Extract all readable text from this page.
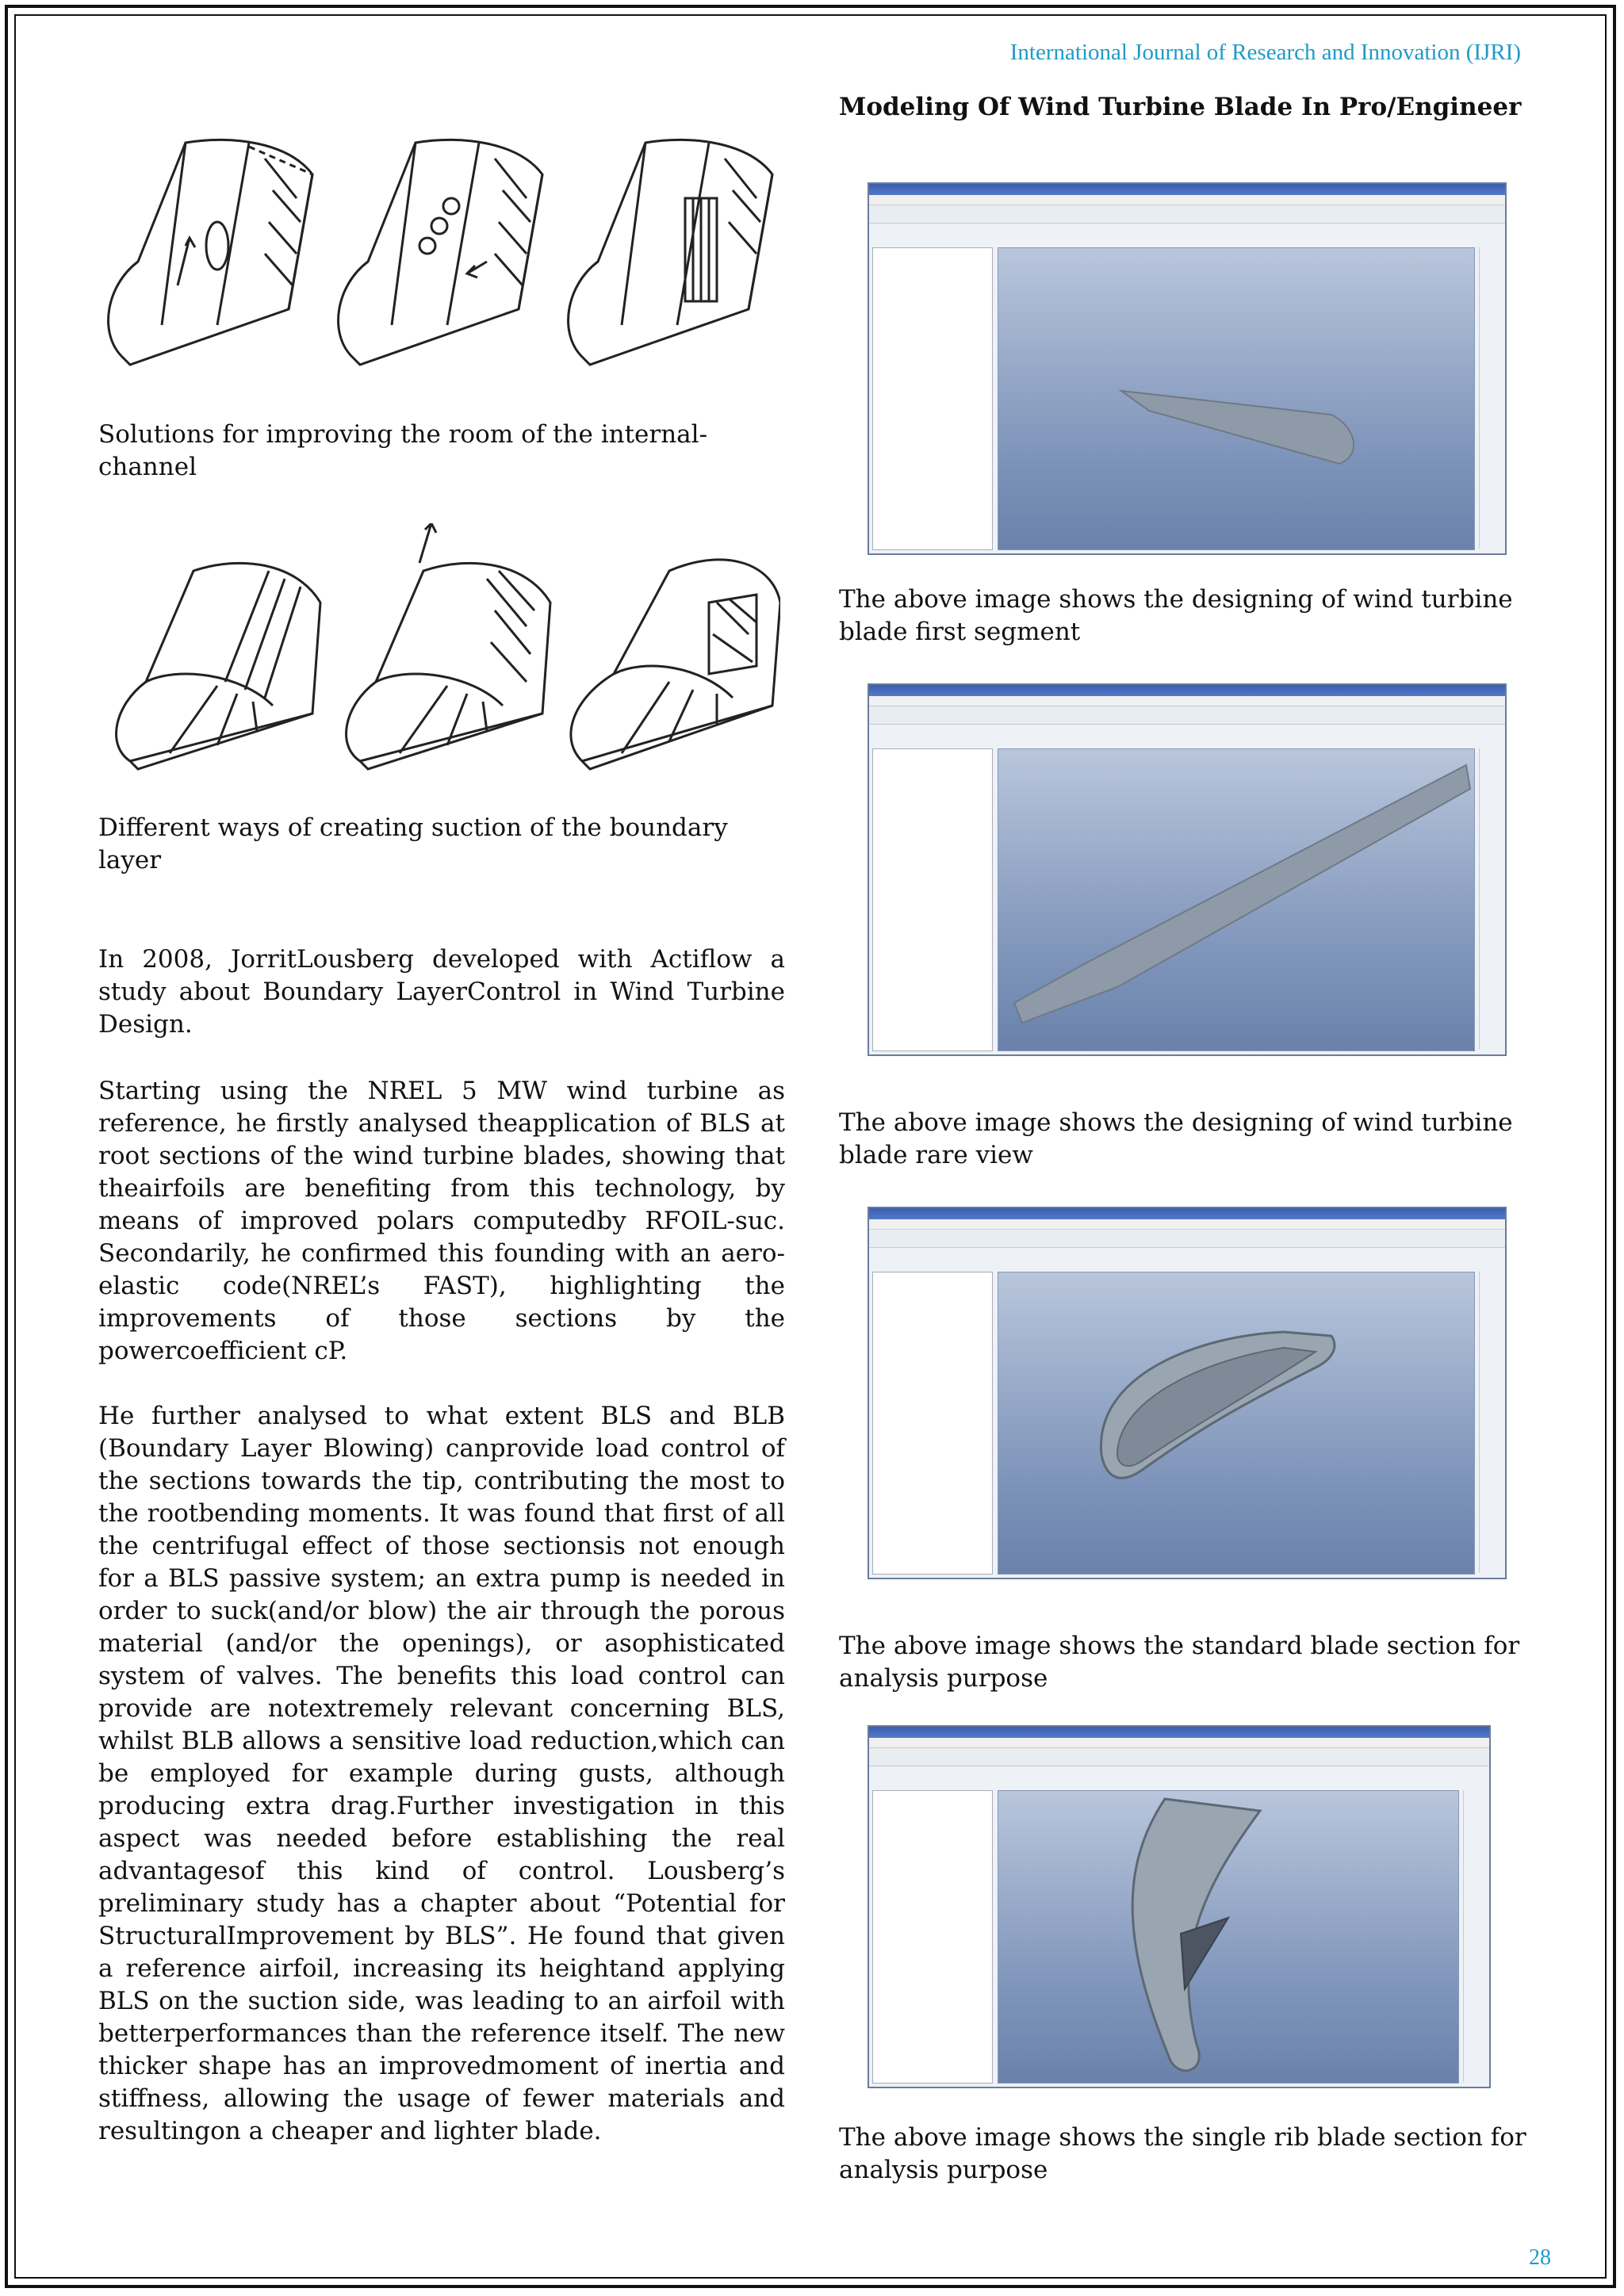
International Journal of Research and Innovation (IJRI)
Solutions for improving the room of the internal-channel
Different ways of creating suction of the boundary layer

In 2008, JorritLousberg developed with Actiflow a study about Boundary LayerControl in Wind Turbine Design.

Starting using the NREL 5 MW wind turbine as reference, he firstly analysed theapplication of BLS at root sections of the wind turbine blades, showing that theairfoils are benefiting from this technology, by means of improved polars computedby RFOIL-suc. Secondarily, he confirmed this founding with an aero-elastic code(NREL’s FAST), highlighting the improvements of those sections by the powercoefficient cP.

He further analysed to what extent BLS and BLB (Boundary Layer Blowing) canprovide load control of the sections towards the tip, contributing the most to the rootbending moments. It was found that first of all the centrifugal effect of those sectionsis not enough for a BLS passive system; an extra pump is needed in order to suck(and/or blow) the air through the porous material (and/or the openings), or asophisticated system of valves. The benefits this load control can provide are notextremely relevant concerning BLS, whilst BLB allows a sensitive load reduction,which can be employed for example during gusts, although producing extra drag.Further investigation in this aspect was needed before establishing the real advantagesof this kind of control. Lousberg’s preliminary study has a chapter about “Potential for StructuralImprovement by BLS”. He found that given a reference airfoil, increasing its heightand applying BLS on the suction side, was leading to an airfoil with betterperformances than the reference itself. The new thicker shape has an improvedmoment of inertia and stiffness, allowing the usage of fewer materials and resultingon a cheaper and lighter blade.

Modeling Of Wind Turbine Blade In Pro/Engineer
The above image shows the designing of wind turbine blade first segment
The above image shows the designing of wind turbine blade rare view
The above image shows the standard blade section for analysis purpose
The above image shows the single rib blade section for analysis purpose
28
